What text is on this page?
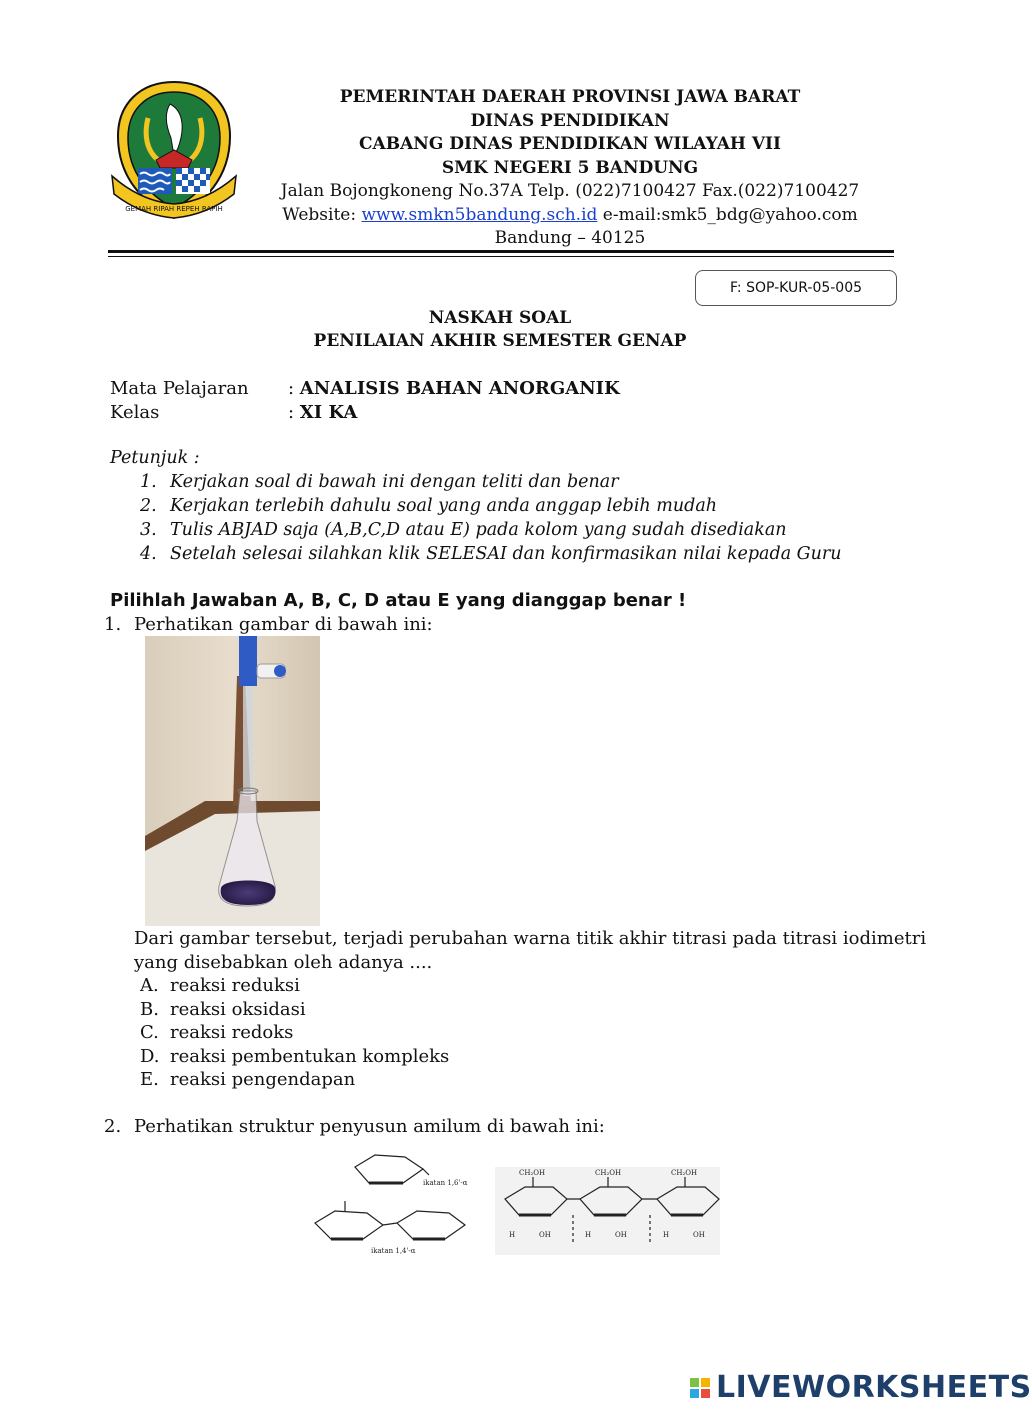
GEMAH RIPAH REPEH RAPIH
PEMERINTAH DAERAH PROVINSI JAWA BARAT
DINAS PENDIDIKAN
CABANG DINAS PENDIDIKAN WILAYAH VII
SMK NEGERI 5 BANDUNG
Jalan Bojongkoneng No.37A Telp. (022)7100427 Fax.(022)7100427
Website: www.smkn5bandung.sch.id e-mail:smk5_bdg@yahoo.com
Bandung – 40125
F: SOP-KUR-05-005
NASKAH SOAL
PENILAIAN AKHIR SEMESTER GENAP
Mata Pelajaran : ANALISIS BAHAN ANORGANIK
Kelas	: XI KA
Petunjuk :
1. Kerjakan soal di bawah ini dengan teliti dan benar
2. Kerjakan terlebih dahulu soal yang anda anggap lebih mudah
3. Tulis ABJAD saja (A,B,C,D atau E) pada kolom yang sudah disediakan
4. Setelah selesai silahkan klik SELESAI dan konfirmasikan nilai kepada Guru
Pilihlah Jawaban A, B, C, D atau E yang dianggap benar !
1. Perhatikan gambar di bawah ini:
Dari gambar tersebut, terjadi perubahan warna titik akhir titrasi pada titrasi iodimetri
yang disebabkan oleh adanya ....
A. reaksi reduksi
B. reaksi oksidasi
C. reaksi redoks
D. reaksi pembentukan kompleks
E. reaksi pengendapan
2. Perhatikan struktur penyusun amilum di bawah ini:
ikatan 1,6'-α
ikatan 1,4'-α
CH₂OH	CH₂OH	CH₂OH
H	OH	H	OH	H	OH
LIVEWORKSHEETS
